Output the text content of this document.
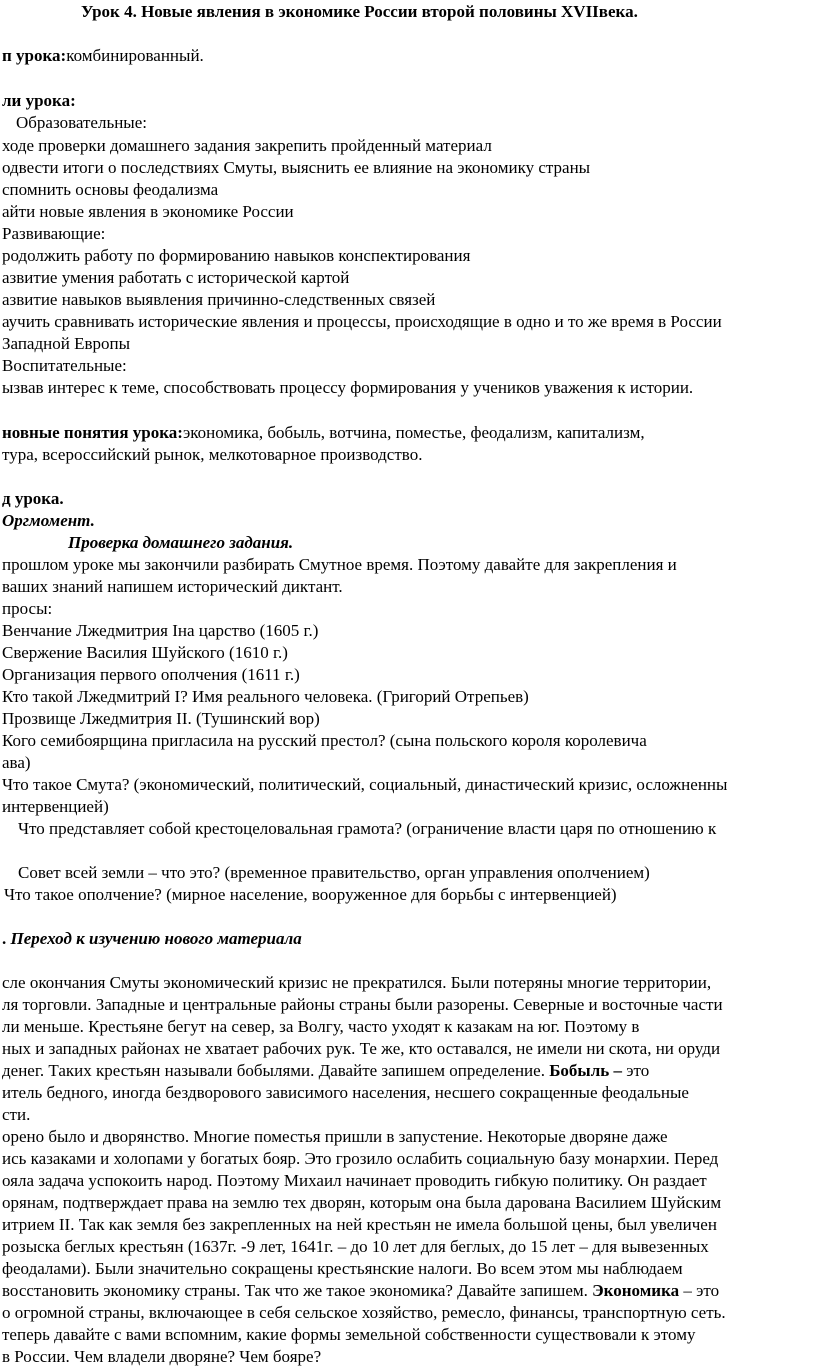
Урок 4. Новые явления в экономике России второй половины XVIIвека.
п урока:комбинированный.
ли урока:
Образовательные:
ходе проверки домашнего задания закрепить пройденный материал
одвести итоги о последствиях Смуты, выяснить ее влияние на экономику страны
спомнить основы феодализма
айти новые явления в экономике России
Развивающие:
родолжить работу по формированию навыков конспектирования
азвитие умения работать с исторической картой
азвитие навыков выявления причинно-следственных связей
аучить сравнивать исторические явления и процессы, происходящие в одно и то же время в России
Западной Европы
Воспитательные:
ызвав интерес к теме, способствовать процессу формирования у учеников уважения к истории.
новные понятия урока:экономика, бобыль, вотчина, поместье, феодализм, капитализм,
тура, всероссийский рынок, мелкотоварное производство.
д урока.
Оргмомент.
Проверка домашнего задания.
прошлом уроке мы закончили разбирать Смутное время. Поэтому давайте для закрепления и
ваших знаний напишем исторический диктант.
просы:
Венчание Лжедмитрия Іна царство (1605 г.)
Свержение Василия Шуйского (1610 г.)
Организация первого ополчения (1611 г.)
Кто такой Лжедмитрий I? Имя реального человека. (Григорий Отрепьев)
Прозвище Лжедмитрия II. (Тушинский вор)
Кого семибоярщина пригласила на русский престол? (сына польского короля королевича
ава)
Что такое Смута? (экономический, политический, социальный, династический кризис, осложненны
интервенцией)
Что представляет собой крестоцеловальная грамота? (ограничение власти царя по отношению к
Совет всей земли – что это? (временное правительство, орган управления ополчением)
Что такое ополчение? (мирное население, вооруженное для борьбы с интервенцией)
. Переход к изучению нового материала
сле окончания Смуты экономический кризис не прекратился. Были потеряны многие территории,
ля торговли. Западные и центральные районы страны были разорены. Северные и восточные части
ли меньше. Крестьяне бегут на север, за Волгу, часто уходят к казакам на юг. Поэтому в
ных и западных районах не хватает рабочих рук. Те же, кто оставался, не имели ни скота, ни оруди
денег. Таких крестьян называли бобылями. Давайте запишем определение. Бобыль – это
итель бедного, иногда бездворового зависимого населения, несшего сокращенные феодальные
сти.
орено было и дворянство. Многие поместья пришли в запустение. Некоторые дворяне даже
ись казаками и холопами у богатых бояр. Это грозило ослабить социальную базу монархии. Перед
ояла задача успокоить народ. Поэтому Михаил начинает проводить гибкую политику. Он раздает
орянам, подтверждает права на землю тех дворян, которым она была дарована Василием Шуйским
итрием II. Так как земля без закрепленных на ней крестьян не имела большой цены, был увеличен
розыска беглых крестьян (1637г. -9 лет, 1641г. – до 10 лет для беглых, до 15 лет – для вывезенных
феодалами). Были значительно сокращены крестьянские налоги. Во всем этом мы наблюдаем
восстановить экономику страны. Так что же такое экономика? Давайте запишем. Экономика – это
о огромной страны, включающее в себя сельское хозяйство, ремесло, финансы, транспортную сеть.
теперь давайте с вами вспомним, какие формы земельной собственности существовали к этому
в России. Чем владели дворяне? Чем бояре?
